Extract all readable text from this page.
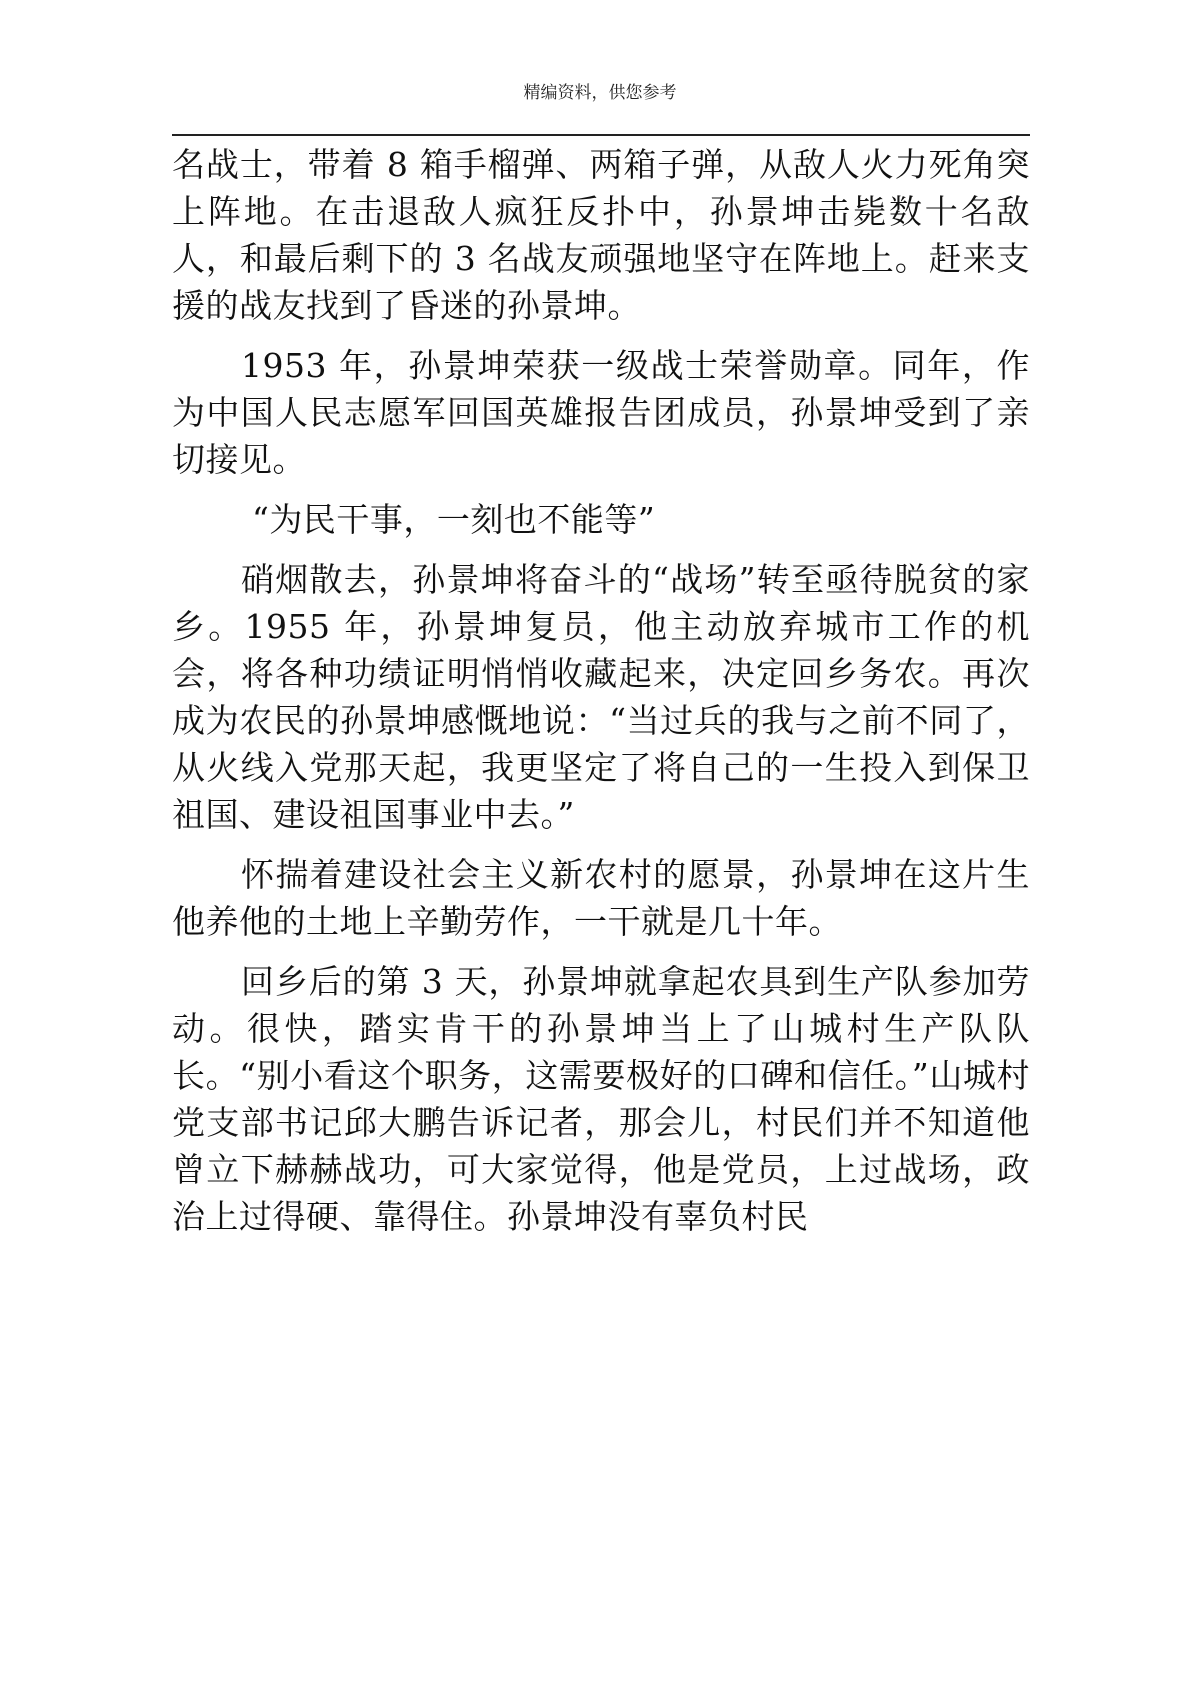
精编资料，供您参考

名战士，带着 8 箱手榴弹、两箱子弹，从敌人火力死角突上阵地。在击退敌人疯狂反扑中，孙景坤击毙数十名敌人，和最后剩下的 3 名战友顽强地坚守在阵地上。赶来支援的战友找到了昏迷的孙景坤。

1953 年，孙景坤荣获一级战士荣誉勋章。同年，作为中国人民志愿军回国英雄报告团成员，孙景坤受到了亲切接见。

“为民干事，一刻也不能等”

硝烟散去，孙景坤将奋斗的“战场”转至亟待脱贫的家乡。1955 年，孙景坤复员，他主动放弃城市工作的机会，将各种功绩证明悄悄收藏起来，决定回乡务农。再次成为农民的孙景坤感慨地说：“当过兵的我与之前不同了，从火线入党那天起，我更坚定了将自己的一生投入到保卫祖国、建设祖国事业中去。”

怀揣着建设社会主义新农村的愿景，孙景坤在这片生他养他的土地上辛勤劳作，一干就是几十年。

回乡后的第 3 天，孙景坤就拿起农具到生产队参加劳动。很快，踏实肯干的孙景坤当上了山城村生产队队长。“别小看这个职务，这需要极好的口碑和信任。”山城村党支部书记邱大鹏告诉记者，那会儿，村民们并不知道他曾立下赫赫战功，可大家觉得，他是党员，上过战场，政治上过得硬、靠得住。孙景坤没有辜负村民
